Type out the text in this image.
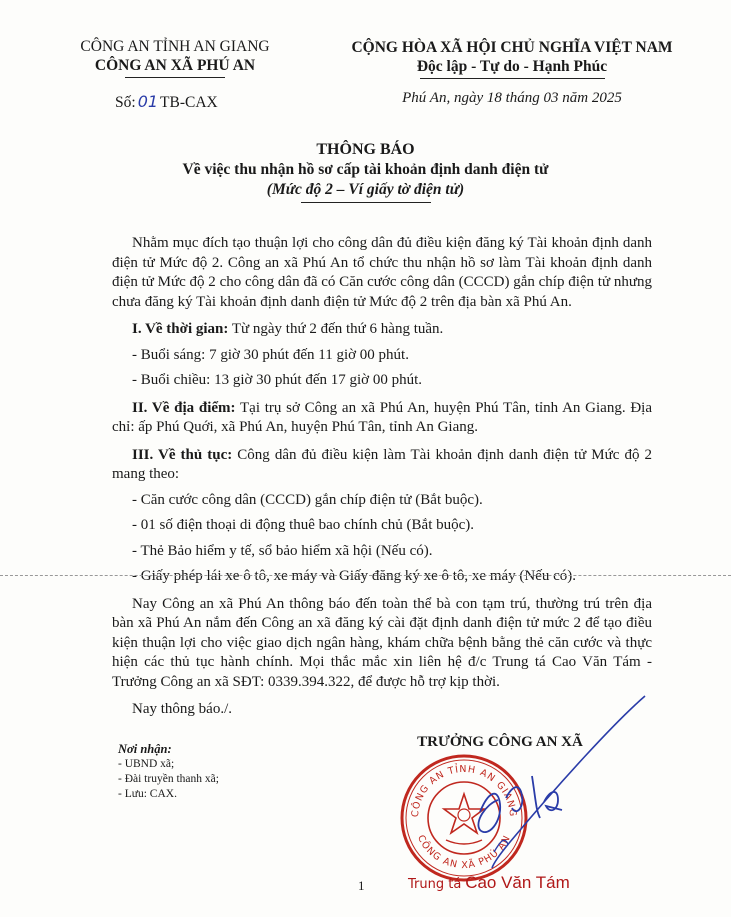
CÔNG AN TỈNH AN GIANG
CÔNG AN XÃ PHÚ AN
Số: 01 TB-CAX
CỘNG HÒA XÃ HỘI CHỦ NGHĨA VIỆT NAM
Độc lập - Tự do - Hạnh Phúc
Phú An, ngày 18 tháng 03 năm 2025
THÔNG BÁO
Về việc thu nhận hồ sơ cấp tài khoản định danh điện tử
(Mức độ 2 – Ví giấy tờ điện tử)

Nhằm mục đích tạo thuận lợi cho công dân đủ điều kiện đăng ký Tài khoản định danh điện tử Mức độ 2. Công an xã Phú An tổ chức thu nhận hồ sơ làm Tài khoản định danh điện tử Mức độ 2 cho công dân đã có Căn cước công dân (CCCD) gắn chíp điện tử nhưng chưa đăng ký Tài khoản định danh điện tử Mức độ 2 trên địa bàn xã Phú An.

I. Về thời gian: Từ ngày thứ 2 đến thứ 6 hàng tuần.

- Buổi sáng: 7 giờ 30 phút đến 11 giờ 00 phút.

- Buổi chiều: 13 giờ 30 phút đến 17 giờ 00 phút.

II. Về địa điểm: Tại trụ sở Công an xã Phú An, huyện Phú Tân, tỉnh An Giang. Địa chỉ: ấp Phú Quới, xã Phú An, huyện Phú Tân, tỉnh An Giang.

III. Về thủ tục: Công dân đủ điều kiện làm Tài khoản định danh điện tử Mức độ 2 mang theo:

- Căn cước công dân (CCCD) gắn chíp điện tử (Bắt buộc).

- 01 số điện thoại di động thuê bao chính chủ (Bắt buộc).

- Thẻ Bảo hiểm y tế, sổ bảo hiểm xã hội (Nếu có).

- Giấy phép lái xe ô tô, xe máy và Giấy đăng ký xe ô tô, xe máy (Nếu có).

Nay Công an xã Phú An thông báo đến toàn thể bà con tạm trú, thường trú trên địa bàn xã Phú An nắm đến Công an xã đăng ký cài đặt định danh điện tử mức 2 để tạo điều kiện thuận lợi cho việc giao dịch ngân hàng, khám chữa bệnh bằng thẻ căn cước và thực hiện các thủ tục hành chính. Mọi thắc mắc xin liên hệ đ/c Trung tá Cao Văn Tám - Trưởng Công an xã SĐT: 0339.394.322, để được hỗ trợ kịp thời.

Nay thông báo./.

Nơi nhận:
- UBND xã;
- Đài truyền thanh xã;
- Lưu: CAX.
TRƯỞNG CÔNG AN XÃ
CÔNG AN TỈNH AN GIANG
CÔNG AN XÃ PHÚ AN
1	Trung tá Cao Văn Tám
